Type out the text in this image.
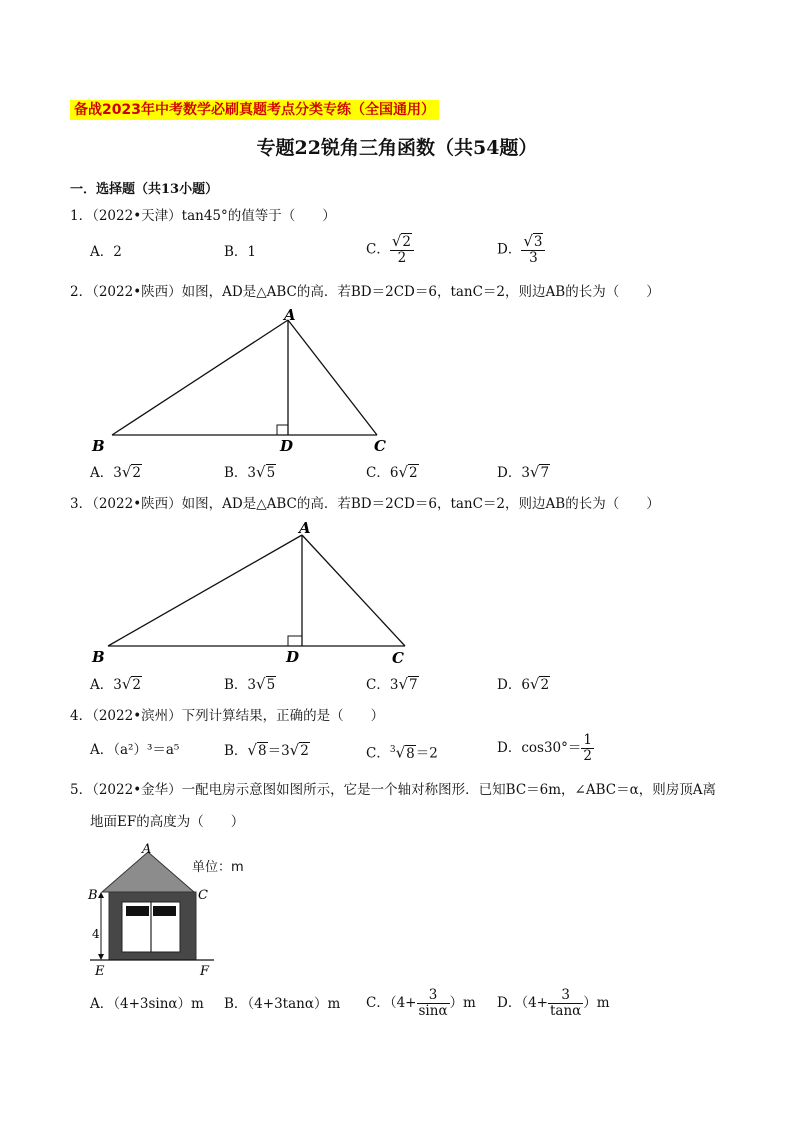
备战2023年中考数学必刷真题考点分类专练（全国通用）
专题22锐角三角函数（共54题）
一．选择题（共13小题）
1．（2022•天津）tan45°的值等于（　　）
A．2	B．1	C． $\frac{√2}{2}$	D． $\frac{√3}{3}$
2．（2022•陕西）如图，AD是△ABC的高．若BD＝2CD＝6，tanC＝2，则边AB的长为（　　）
A
B	D	C
A．3√2	B．3√5	C．6√2	D．3√7
3．（2022•陕西）如图，AD是△ABC的高．若BD＝2CD＝6，tanC＝2，则边AB的长为（　　）
A
B	D	C
A．3√2	B．3√5	C．3√7	D．6√2
4．（2022•滨州）下列计算结果，正确的是（　　）
A．（a²）³＝a⁵	B．√8＝3√2	C．$^3$√8＝2	D．$\cos 30^\circ= \frac{1}{2}$
5．（2022•金华）一配电房示意图如图所示，它是一个轴对称图形．已知BC＝6m，∠ABC＝α，则房顶A离
地面EF的高度为（　　）
A
B	C
E	F
4
单位：m
A．（4+3sinα）m B．（4+3tanα）m C．$(4+ \frac{3}{\sin\alpha} )m$ D．$(4+ \frac{3}{\tan\alpha} )m$
